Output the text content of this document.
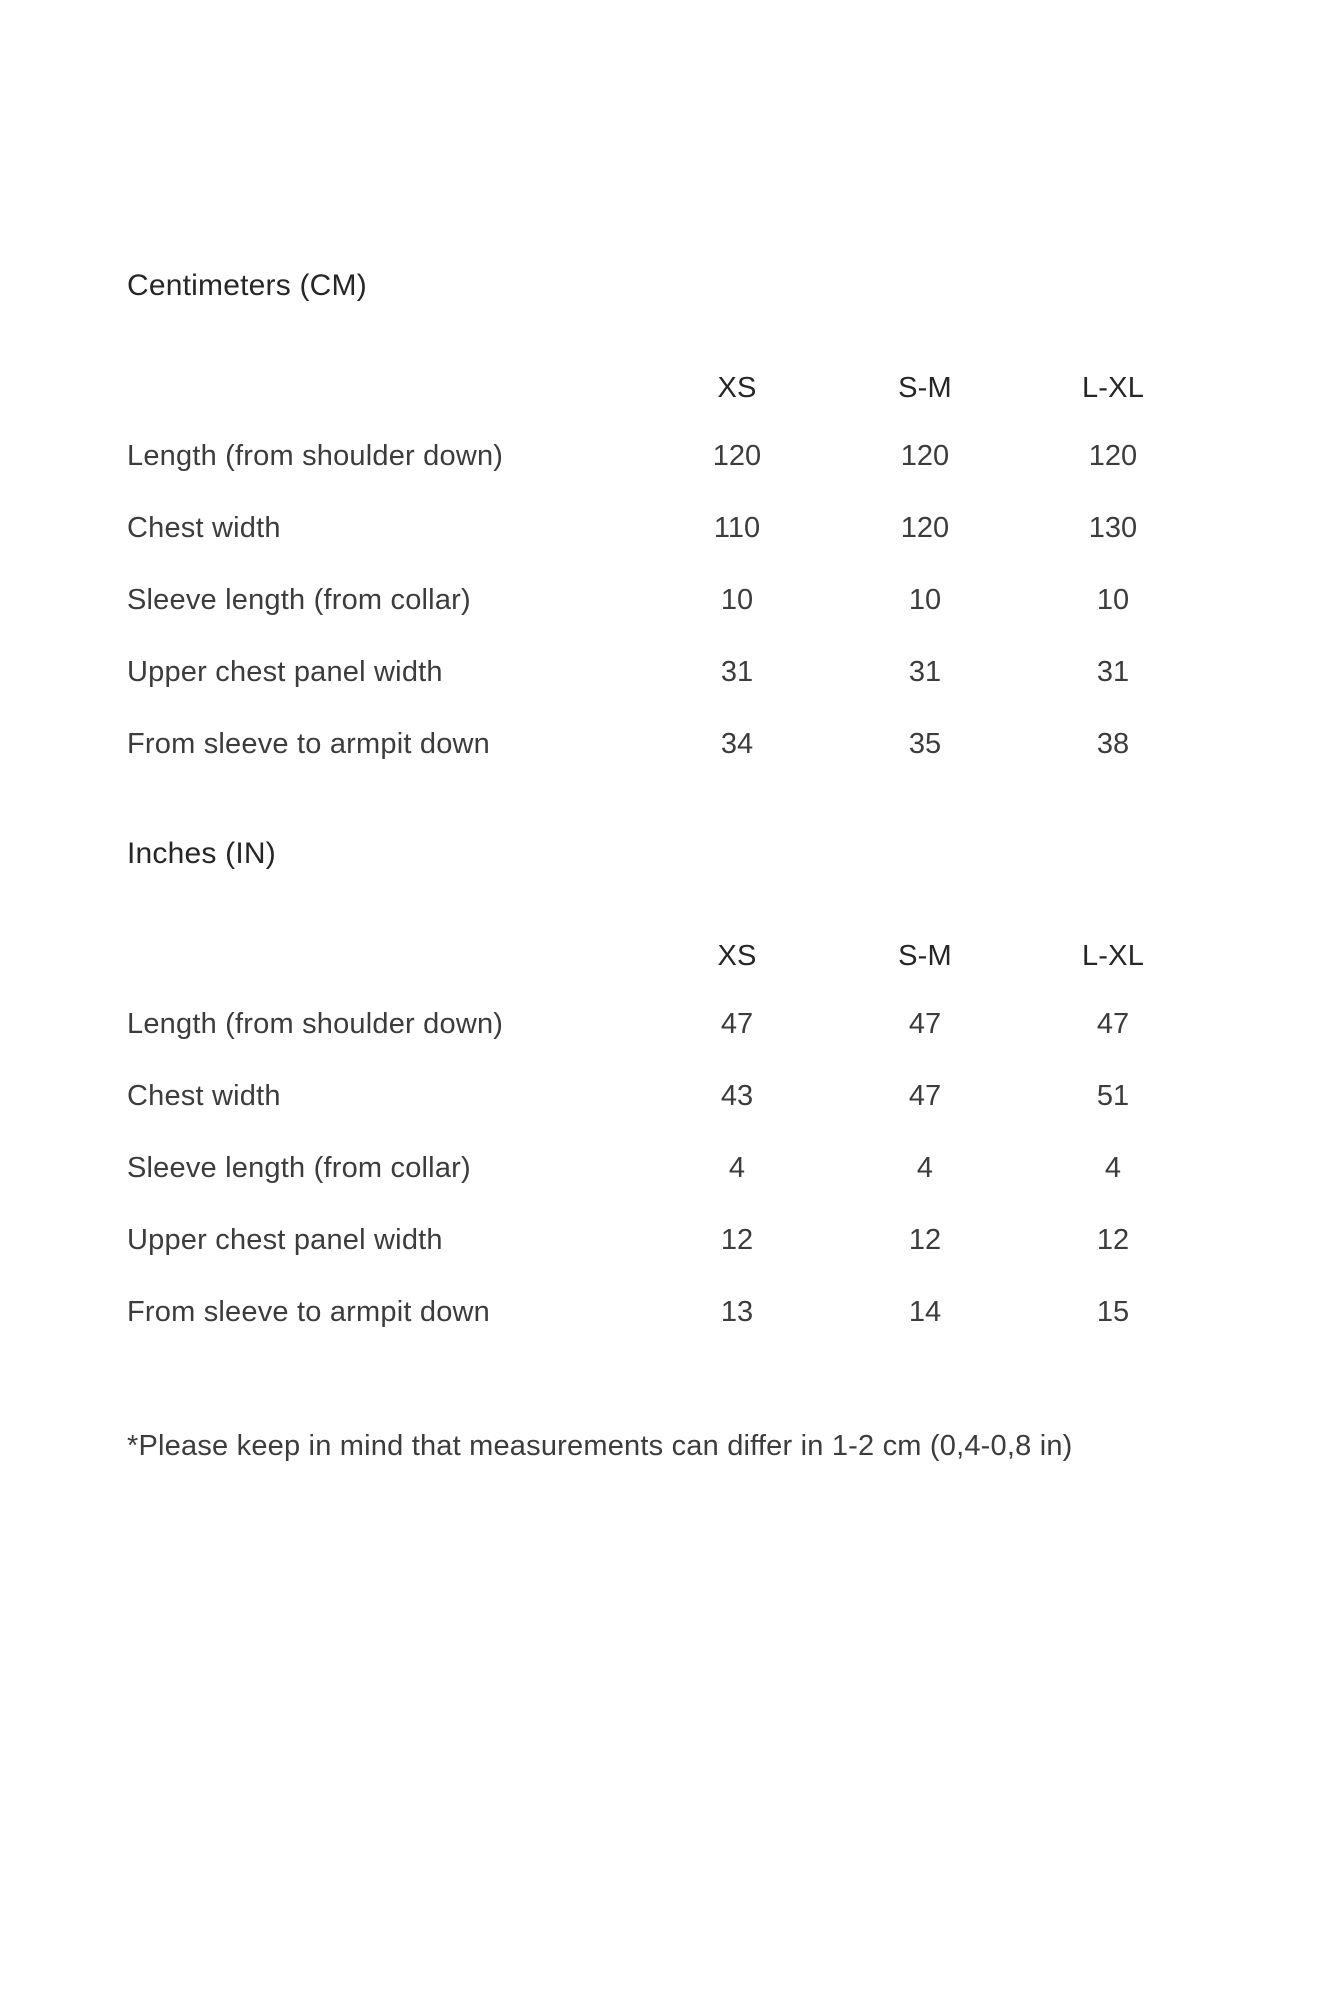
Centimeters (CM)
	XS	S-M	L-XL
Length (from shoulder down)	120	120	120
Chest width	110	120	130
Sleeve length (from collar)	10	10	10
Upper chest panel width	31	31	31
From sleeve to armpit down	34	35	38
Inches (IN)
	XS	S-M	L-XL
Length (from shoulder down)	47	47	47
Chest width	43	47	51
Sleeve length (from collar)	4	4	4
Upper chest panel width	12	12	12
From sleeve to armpit down	13	14	15

*Please keep in mind that measurements can differ in 1-2 cm (0,4-0,8 in)
